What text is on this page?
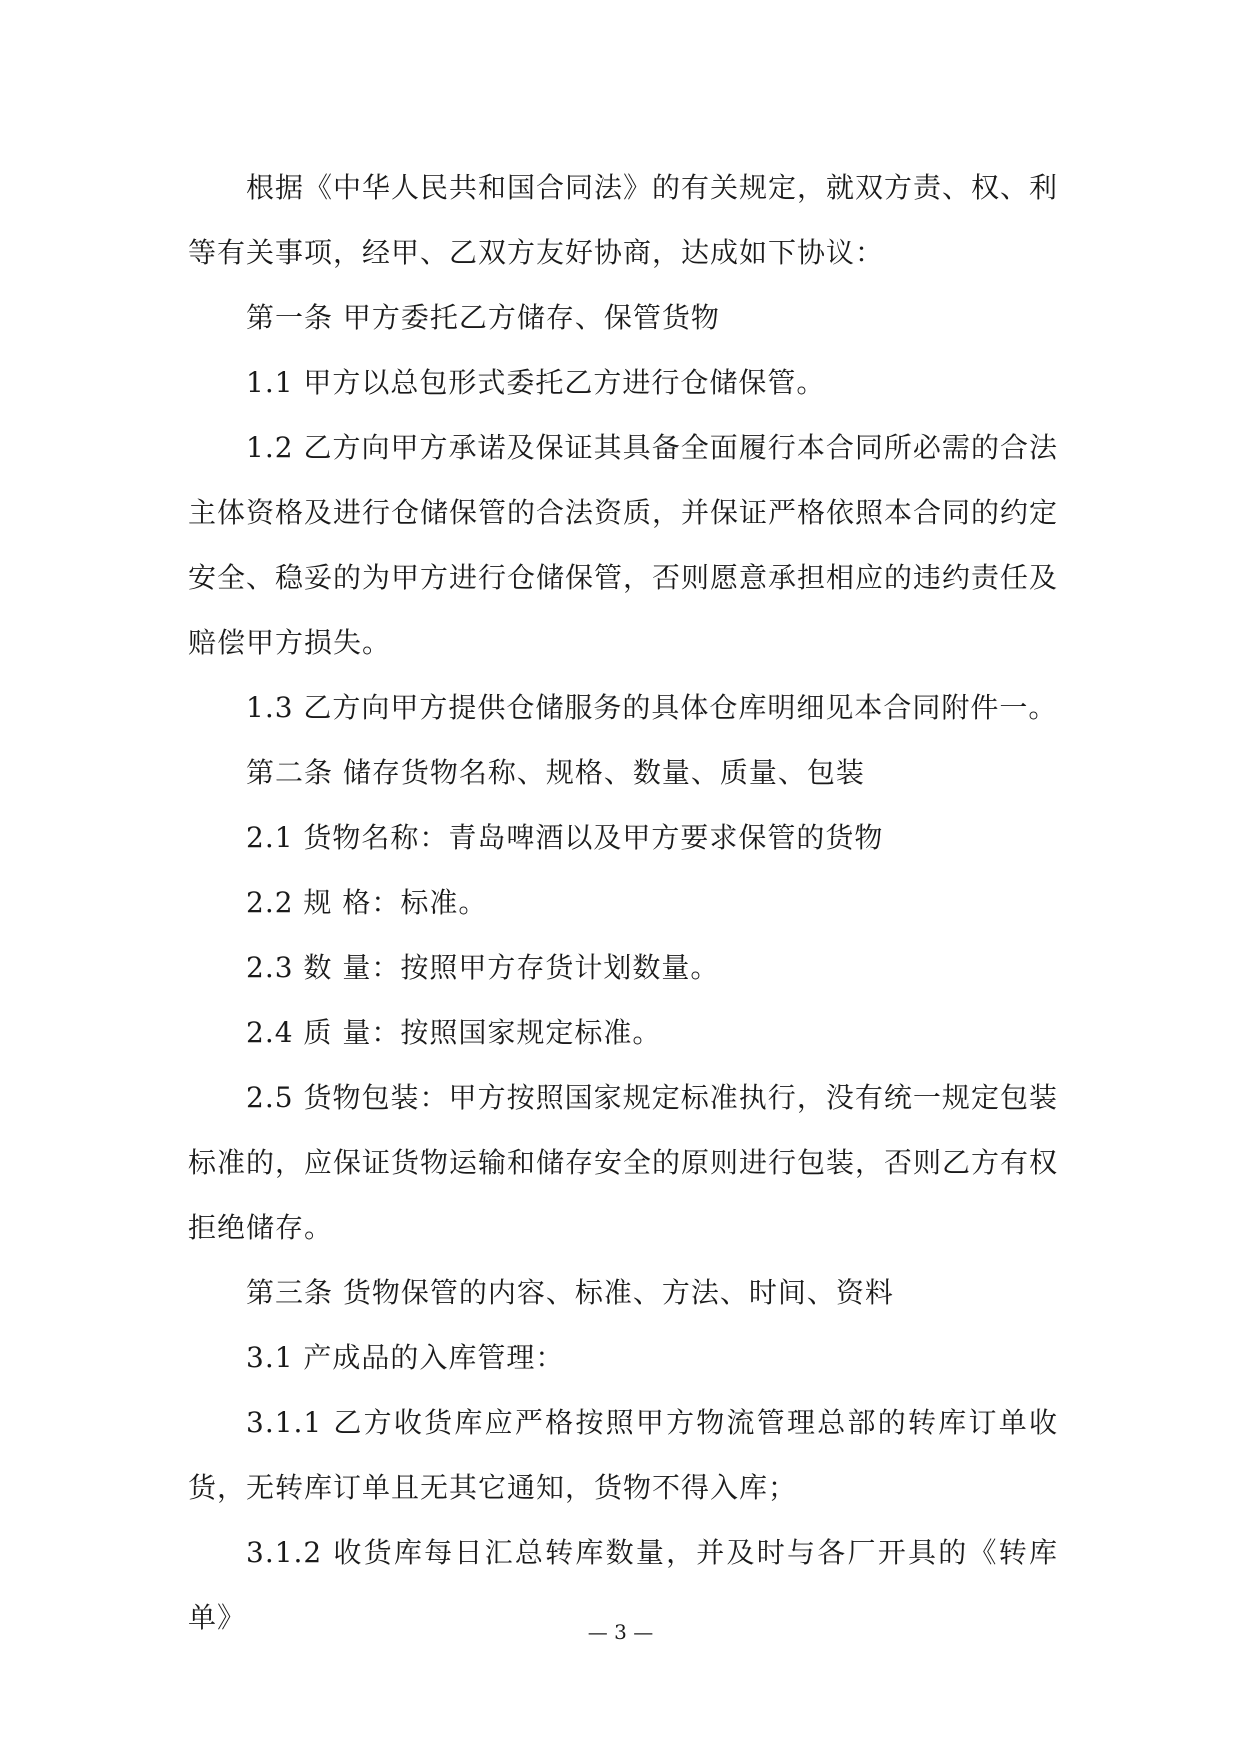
根据《中华人民共和国合同法》的有关规定，就双方责、权、利等有关事项，经甲、乙双方友好协商，达成如下协议：

第一条 甲方委托乙方储存、保管货物

1.1 甲方以总包形式委托乙方进行仓储保管。

1.2 乙方向甲方承诺及保证其具备全面履行本合同所必需的合法主体资格及进行仓储保管的合法资质，并保证严格依照本合同的约定安全、稳妥的为甲方进行仓储保管，否则愿意承担相应的违约责任及赔偿甲方损失。

1.3 乙方向甲方提供仓储服务的具体仓库明细见本合同附件一。

第二条 储存货物名称、规格、数量、质量、包装

2.1 货物名称：青岛啤酒以及甲方要求保管的货物

2.2 规 格：标准。

2.3 数 量：按照甲方存货计划数量。

2.4 质 量：按照国家规定标准。

2.5 货物包装：甲方按照国家规定标准执行，没有统一规定包装标准的，应保证货物运输和储存安全的原则进行包装，否则乙方有权拒绝储存。

第三条 货物保管的内容、标准、方法、时间、资料

3.1 产成品的入库管理：

3.1.1 乙方收货库应严格按照甲方物流管理总部的转库订单收货，无转库订单且无其它通知，货物不得入库；

3.1.2 收货库每日汇总转库数量，并及时与各厂开具的《转库单》	— 3 —
